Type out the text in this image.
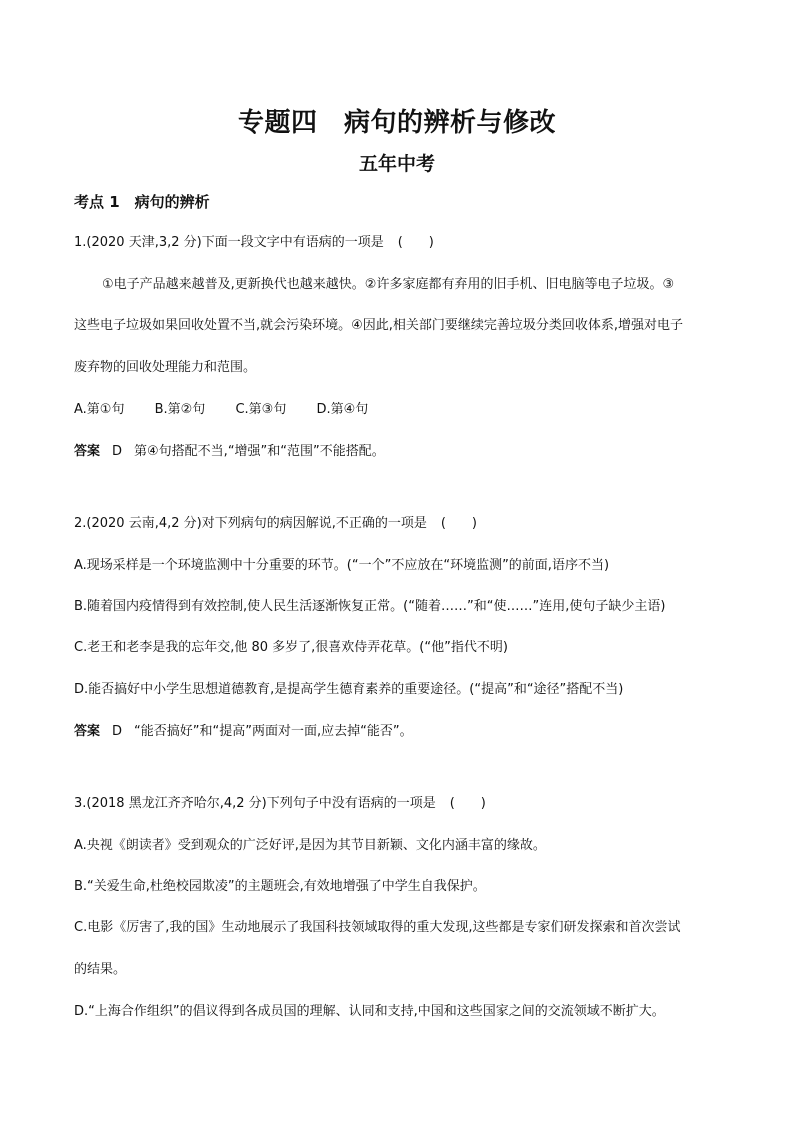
专题四　病句的辨析与修改
五年中考
考点 1　病句的辨析
1.(2020 天津,3,2 分)下面一段文字中有语病的一项是 (　　)
①电子产品越来越普及,更新换代也越来越快。②许多家庭都有弃用的旧手机、旧电脑等电子垃圾。③
这些电子垃圾如果回收处置不当,就会污染环境。④因此,相关部门要继续完善垃圾分类回收体系,增强对电子
废弃物的回收处理能力和范围。
A.第①句 B.第②句 C.第③句 D.第④句
答案 D 第④句搭配不当,“增强”和“范围”不能搭配。
2.(2020 云南,4,2 分)对下列病句的病因解说,不正确的一项是 (　　)
A.现场采样是一个环境监测中十分重要的环节。(“一个”不应放在“环境监测”的前面,语序不当)
B.随着国内疫情得到有效控制,使人民生活逐渐恢复正常。(“随着……”和“使……”连用,使句子缺少主语)
C.老王和老李是我的忘年交,他 80 多岁了,很喜欢侍弄花草。(“他”指代不明)
D.能否搞好中小学生思想道德教育,是提高学生德育素养的重要途径。(“提高”和“途径”搭配不当)
答案 D “能否搞好”和“提高”两面对一面,应去掉“能否”。
3.(2018 黑龙江齐齐哈尔,4,2 分)下列句子中没有语病的一项是 (　　)
A.央视《朗读者》受到观众的广泛好评,是因为其节目新颖、文化内涵丰富的缘故。
B.“关爱生命,杜绝校园欺凌”的主题班会,有效地增强了中学生自我保护。
C.电影《厉害了,我的国》生动地展示了我国科技领域取得的重大发现,这些都是专家们研发探索和首次尝试
的结果。
D.“上海合作组织”的倡议得到各成员国的理解、认同和支持,中国和这些国家之间的交流领域不断扩大。
